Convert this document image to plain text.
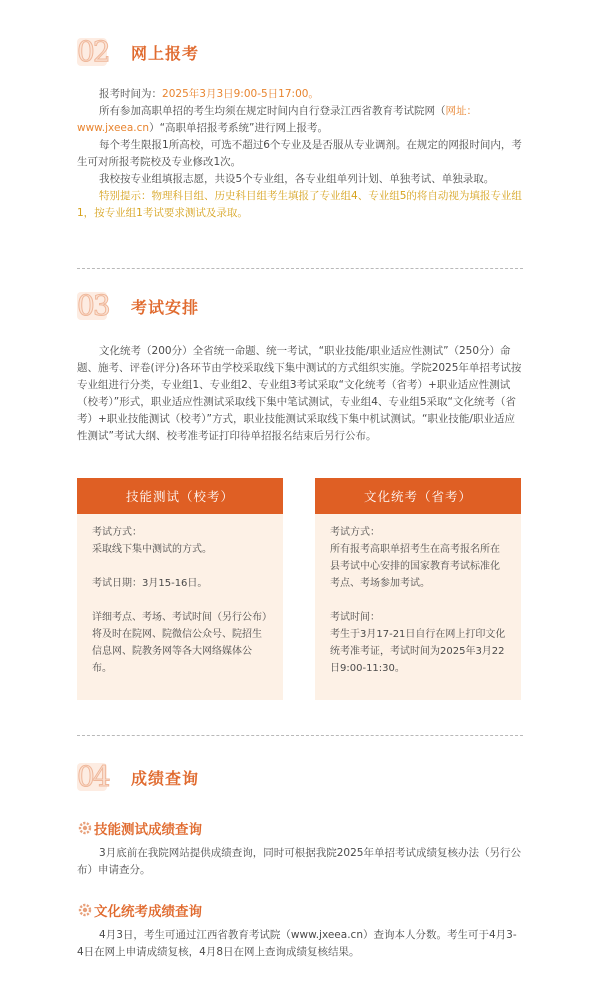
02 网上报考

报考时间为：2025年3月3日9:00-5日17:00。

所有参加高职单招的考生均须在规定时间内自行登录江西省教育考试院网（网址：www.jxeea.cn）“高职单招报考系统”进行网上报考。

每个考生限报1所高校，可选不超过6个专业及是否服从专业调剂。在规定的网报时间内，考生可对所报考院校及专业修改1次。

我校按专业组填报志愿，共设5个专业组，各专业组单列计划、单独考试、单独录取。

特别提示：物理科目组、历史科目组考生填报了专业组4、专业组5的将自动视为填报专业组1，按专业组1考试要求测试及录取。

03 考试安排

文化统考（200分）全省统一命题、统一考试，“职业技能/职业适应性测试”（250分）命题、施考、评卷(评分)各环节由学校采取线下集中测试的方式组织实施。学院2025年单招考试按专业组进行分类，专业组1、专业组2、专业组3考试采取“文化统考（省考）+职业适应性测试（校考）”形式，职业适应性测试采取线下集中笔试测试，专业组4、专业组5采取“文化统考（省考）+职业技能测试（校考）”方式，职业技能测试采取线下集中机试测试。“职业技能/职业适应性测试”考试大纲、校考准考证打印待单招报名结束后另行公布。

技能测试（校考）
考试方式：
采取线下集中测试的方式。
考试日期：3月15-16日。
详细考点、考场、考试时间（另行公布）将及时在院网、院微信公众号、院招生信息网、院教务网等各大网络媒体公布。
文化统考（省考）
考试方式：
所有报考高职单招考生在高考报名所在县考试中心安排的国家教育考试标准化考点、考场参加考试。
考试时间：
考生于3月17-21日自行在网上打印文化统考准考证，考试时间为2025年3月22日9:00-11:30。
04 成绩查询
技能测试成绩查询

3月底前在我院网站提供成绩查询，同时可根据我院2025年单招考试成绩复核办法（另行公布）申请查分。

文化统考成绩查询

4月3日，考生可通过江西省教育考试院（www.jxeea.cn）查询本人分数。考生可于4月3-4日在网上申请成绩复核，4月8日在网上查询成绩复核结果。
